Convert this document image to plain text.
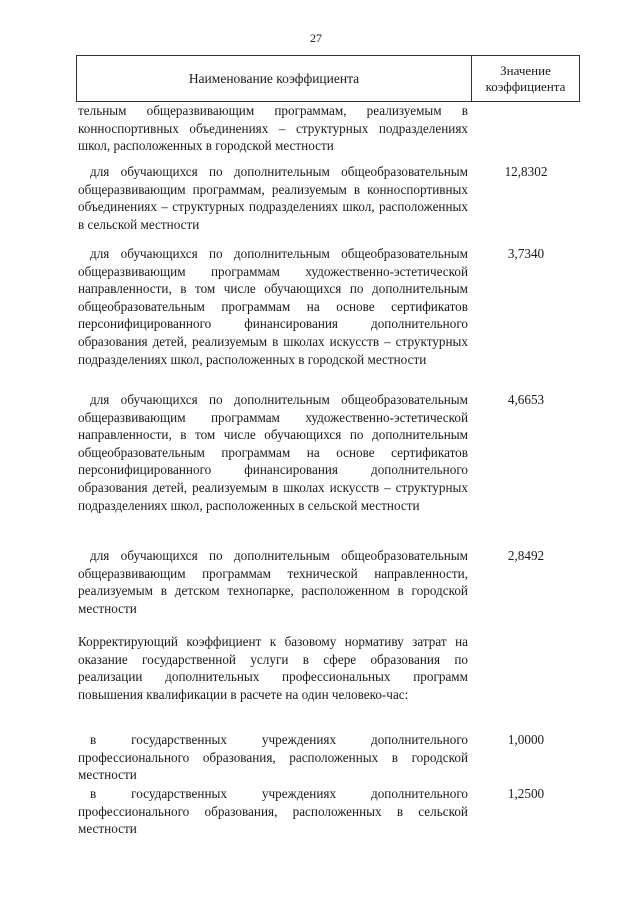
27
Наименование коэффициента
Значение
коэффициента
тельным общеразвивающим программам, реализуемым в конноспортивных объединениях – структурных подразделениях школ, расположенных в городской местности
для обучающихся по дополнительным общеобразовательным общеразвивающим программам, реализуемым в конноспортивных объединениях – структурных подразделениях школ, расположенных в сельской местности
12,8302
для обучающихся по дополнительным общеобразовательным общеразвивающим программам художественно-эстетической направленности, в том числе обучающихся по дополнительным общеобразовательным программам на основе сертификатов персонифицированного финансирования дополнительного образования детей, реализуемым в школах искусств – структурных подразделениях школ, расположенных в городской местности
3,7340
для обучающихся по дополнительным общеобразовательным общеразвивающим программам художественно-эстетической направленности, в том числе обучающихся по дополнительным общеобразовательным программам на основе сертификатов персонифицированного финансирования дополнительного образования детей, реализуемым в школах искусств – структурных подразделениях школ, расположенных в сельской местности
4,6653
для обучающихся по дополнительным общеобразовательным общеразвивающим программам технической направленности, реализуемым в детском технопарке, расположенном в городской местности
2,8492
Корректирующий коэффициент к базовому нормативу затрат на оказание государственной услуги в сфере образования по реализации дополнительных профессиональных программ повышения квалификации в расчете на один человеко-час:
в государственных учреждениях дополнительного профессионального образования, расположенных в городской местности
1,0000
в государственных учреждениях дополнительного профессионального образования, расположенных в сельской местности
1,2500
